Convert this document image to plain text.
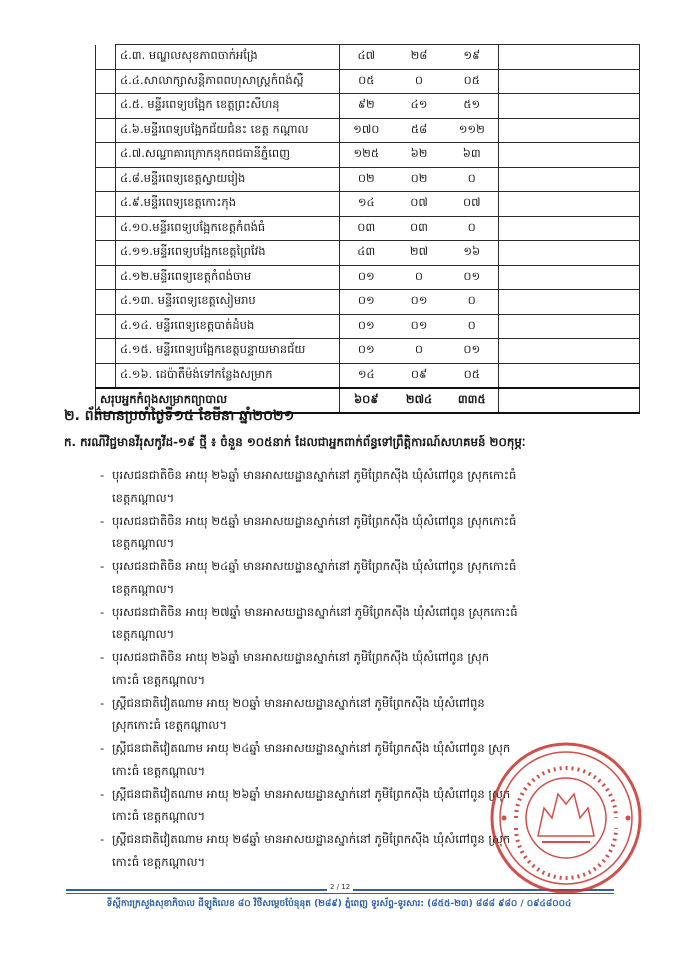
	៤.៣. មណ្ឌលសុខភាពចាក់អង្រែ	៤៧	២៨	១៩	
	៤.៤.សាលាក្សាសន្តិភាពពហុសាស្ត្រកំពង់ស្ពឺ	០៥	០	០៥	
	៤.៥. មន្ទីរពេទ្យបង្អែក ខេត្តព្រះសីហនុ	៩២	៤១	៥១	
	៤.៦.មន្ទីរពេទ្យបង្អែកជ័យជំនះ ខេត្ត កណ្ដាល	១៧០	៥៨	១១២	
	៤.៧.សណ្ឋាគារក្រោកនុកពជធានីភ្នំពេញ	១២៥	៦២	៦៣	
	៤.៨.មន្ទីរពេទ្យខេត្តស្វាយរៀង	០២	០២	០	
	៤.៩.មន្ទីរពេទ្យខេត្តកោះកុង	១៤	០៧	០៧	
	៤.១០.មន្ទីរពេទ្យបង្អែកខេត្តកំពង់ធំ	០៣	០៣	០	
	៤.១១.មន្ទីរពេទ្យបង្អែកខេត្តព្រៃវែង	៤៣	២៧	១៦	
	៤.១២.មន្ទីរពេទ្យខេត្តកំពង់ចាម	០១	០	០១	
	៤.១៣. មន្ទីរពេទ្យខេត្តសៀមរាប	០១	០១	០	
	៤.១៤. មន្ទីរពេទ្យខេត្តបាត់ដំបង	០១	០១	០	
	៤.១៥. មន្ទីរពេទ្យបង្អែកខេត្តបន្ទាយមានជ័យ	០១	០	០១	
	៤.១៦. ដេប៉ាតឹម៉ង់ទៅកន្លែងសម្រាក	១៤	០៩	០៥	
សរុបអ្នកកំពុងសម្រាកព្យាបាល		៦០៩	២៧៤	៣៣៥	
២. ព័ត៌មានប្រចាំថ្ងៃទី១៥ ខែមីនា ឆ្នាំ២០២១
ក. ករណីវិជ្ជមានវីរុសកូវីដ-១៩ ថ្មី ៖ ចំនួន ១០៥នាក់ ដែលជាអ្នកពាក់ព័ន្ធទៅព្រឹត្តិការណ៍សហគមន៍ ២០កុម្ភៈ
- បុរសជនជាតិចិន អាយុ ២៦ឆ្នាំ មានអាសយដ្ឋានស្នាក់នៅ ភូមិព្រែកស៊ីង ឃុំសំពៅពូន ស្រុកកោះធំ
ខេត្តកណ្ដាល។
- បុរសជនជាតិចិន អាយុ ២៥ឆ្នាំ មានអាសយដ្ឋានស្នាក់នៅ ភូមិព្រែកស៊ីង ឃុំសំពៅពូន ស្រុកកោះធំ
ខេត្តកណ្ដាល។
- បុរសជនជាតិចិន អាយុ ២៤ឆ្នាំ មានអាសយដ្ឋានស្នាក់នៅ ភូមិព្រែកស៊ីង ឃុំសំពៅពូន ស្រុកកោះធំ
ខេត្តកណ្ដាល។
- បុរសជនជាតិចិន អាយុ ២៧ឆ្នាំ មានអាសយដ្ឋានស្នាក់នៅ ភូមិព្រែកស៊ីង ឃុំសំពៅពូន ស្រុកកោះធំ
ខេត្តកណ្ដាល។
- បុរសជនជាតិចិន អាយុ ២៦ឆ្នាំ មានអាសយដ្ឋានស្នាក់នៅ ភូមិព្រែកស៊ីង ឃុំសំពៅពូន ស្រុក
កោះធំ ខេត្តកណ្ដាល។
- ស្ត្រីជនជាតិវៀតណាម អាយុ ២០ឆ្នាំ មានអាសយដ្ឋានស្នាក់នៅ ភូមិព្រែកស៊ីង ឃុំសំពៅពូន
ស្រុកកោះធំ ខេត្តកណ្ដាល។
- ស្ត្រីជនជាតិវៀតណាម អាយុ ២៤ឆ្នាំ មានអាសយដ្ឋានស្នាក់នៅ ភូមិព្រែកស៊ីង ឃុំសំពៅពូន ស្រុក
កោះធំ ខេត្តកណ្ដាល។
- ស្ត្រីជនជាតិវៀតណាម អាយុ ២៦ឆ្នាំ មានអាសយដ្ឋានស្នាក់នៅ ភូមិព្រែកស៊ីង ឃុំសំពៅពូន ស្រុក
កោះធំ ខេត្តកណ្ដាល។
- ស្ត្រីជនជាតិវៀតណាម អាយុ ២៨ឆ្នាំ មានអាសយដ្ឋានស្នាក់នៅ ភូមិព្រែកស៊ីង ឃុំសំពៅពូន ស្រុក
កោះធំ ខេត្តកណ្ដាល។
2 / 12
ទីស្តីការក្រសួងសុខាភិបាល ដីឡូតិលេខ ៨០ វិថីសម្តេចប៉ែនុនុត (២៨៩) ភ្នំពេញ ទូរស័ព្ទ-ទូរសារ: (៨៥៥-២៣) ៨៨៨ ៩៨០ / ០៩៤៨០០៤
